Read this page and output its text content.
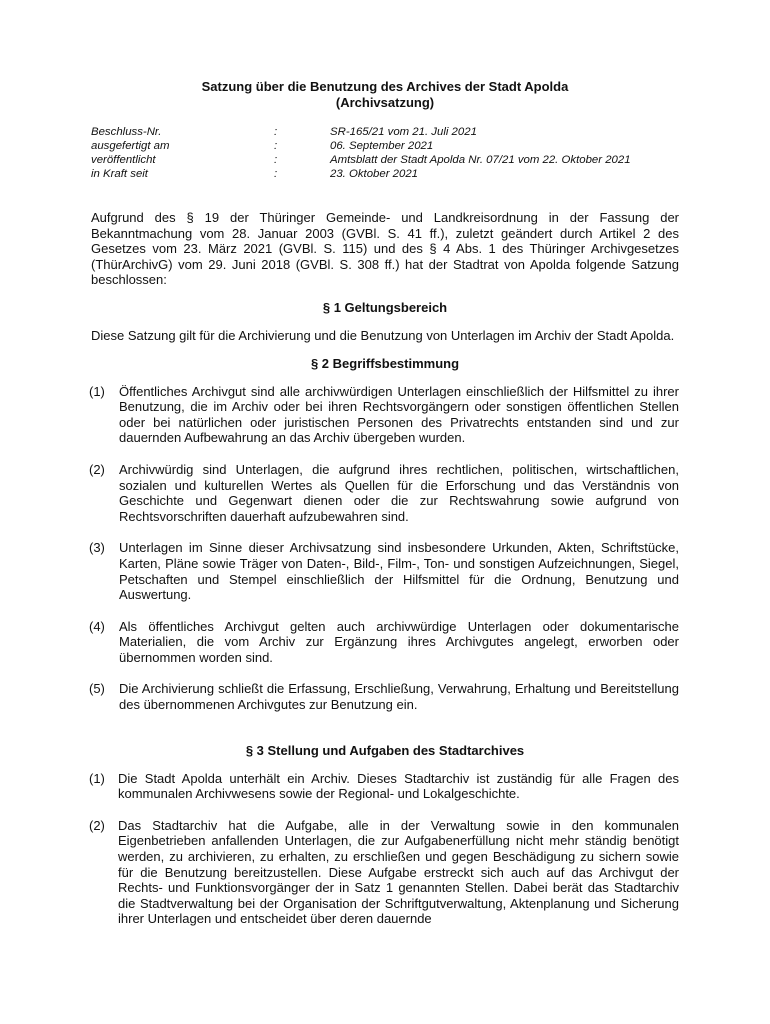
Satzung über die Benutzung des Archives der Stadt Apolda
(Archivsatzung)
Beschluss-Nr.	:	SR-165/21 vom 21. Juli 2021
ausgefertigt am	:	06. September 2021
veröffentlicht	:	Amtsblatt der Stadt Apolda Nr. 07/21 vom 22. Oktober 2021
in Kraft seit	:	23. Oktober 2021

Aufgrund des § 19 der Thüringer Gemeinde- und Landkreisordnung in der Fassung der Bekanntmachung vom 28. Januar 2003 (GVBl. S. 41 ff.), zuletzt geändert durch Artikel 2 des Gesetzes vom 23. März 2021 (GVBl. S. 115) und des § 4 Abs. 1 des Thüringer Archivgesetzes (ThürArchivG) vom 29. Juni 2018 (GVBl. S. 308 ff.) hat der Stadtrat von Apolda folgende Satzung beschlossen:

§ 1 Geltungsbereich

Diese Satzung gilt für die Archivierung und die Benutzung von Unterlagen im Archiv der Stadt Apolda.

§ 2 Begriffsbestimmung
(1) Öffentliches Archivgut sind alle archivwürdigen Unterlagen einschließlich der Hilfsmittel zu ihrer Benutzung, die im Archiv oder bei ihren Rechtsvorgängern oder sonstigen öffentlichen Stellen oder bei natürlichen oder juristischen Personen des Privatrechts entstanden sind und zur dauernden Aufbewahrung an das Archiv übergeben wurden.
(2) Archivwürdig sind Unterlagen, die aufgrund ihres rechtlichen, politischen, wirtschaftlichen, sozialen und kulturellen Wertes als Quellen für die Erforschung und das Verständnis von Geschichte und Gegenwart dienen oder die zur Rechtswahrung sowie aufgrund von Rechtsvorschriften dauerhaft aufzubewahren sind.
(3) Unterlagen im Sinne dieser Archivsatzung sind insbesondere Urkunden, Akten, Schriftstücke, Karten, Pläne sowie Träger von Daten-, Bild-, Film-, Ton- und sonstigen Aufzeichnungen, Siegel, Petschaften und Stempel einschließlich der Hilfsmittel für die Ordnung, Benutzung und Auswertung.
(4) Als öffentliches Archivgut gelten auch archivwürdige Unterlagen oder dokumentarische Materialien, die vom Archiv zur Ergänzung ihres Archivgutes angelegt, erworben oder übernommen worden sind.
(5) Die Archivierung schließt die Erfassung, Erschließung, Verwahrung, Erhaltung und Bereitstellung des übernommenen Archivgutes zur Benutzung ein.
§ 3 Stellung und Aufgaben des Stadtarchives
(1) Die Stadt Apolda unterhält ein Archiv. Dieses Stadtarchiv ist zuständig für alle Fragen des kommunalen Archivwesens sowie der Regional- und Lokalgeschichte.
(2) Das Stadtarchiv hat die Aufgabe, alle in der Verwaltung sowie in den kommunalen Eigenbetrieben anfallenden Unterlagen, die zur Aufgabenerfüllung nicht mehr ständig benötigt werden, zu archivieren, zu erhalten, zu erschließen und gegen Beschädigung zu sichern sowie für die Benutzung bereitzustellen. Diese Aufgabe erstreckt sich auch auf das Archivgut der Rechts- und Funktionsvorgänger der in Satz 1 genannten Stellen. Dabei berät das Stadtarchiv die Stadtverwaltung bei der Organisation der Schriftgutverwaltung, Aktenplanung und Sicherung ihrer Unterlagen und entscheidet über deren dauernde
